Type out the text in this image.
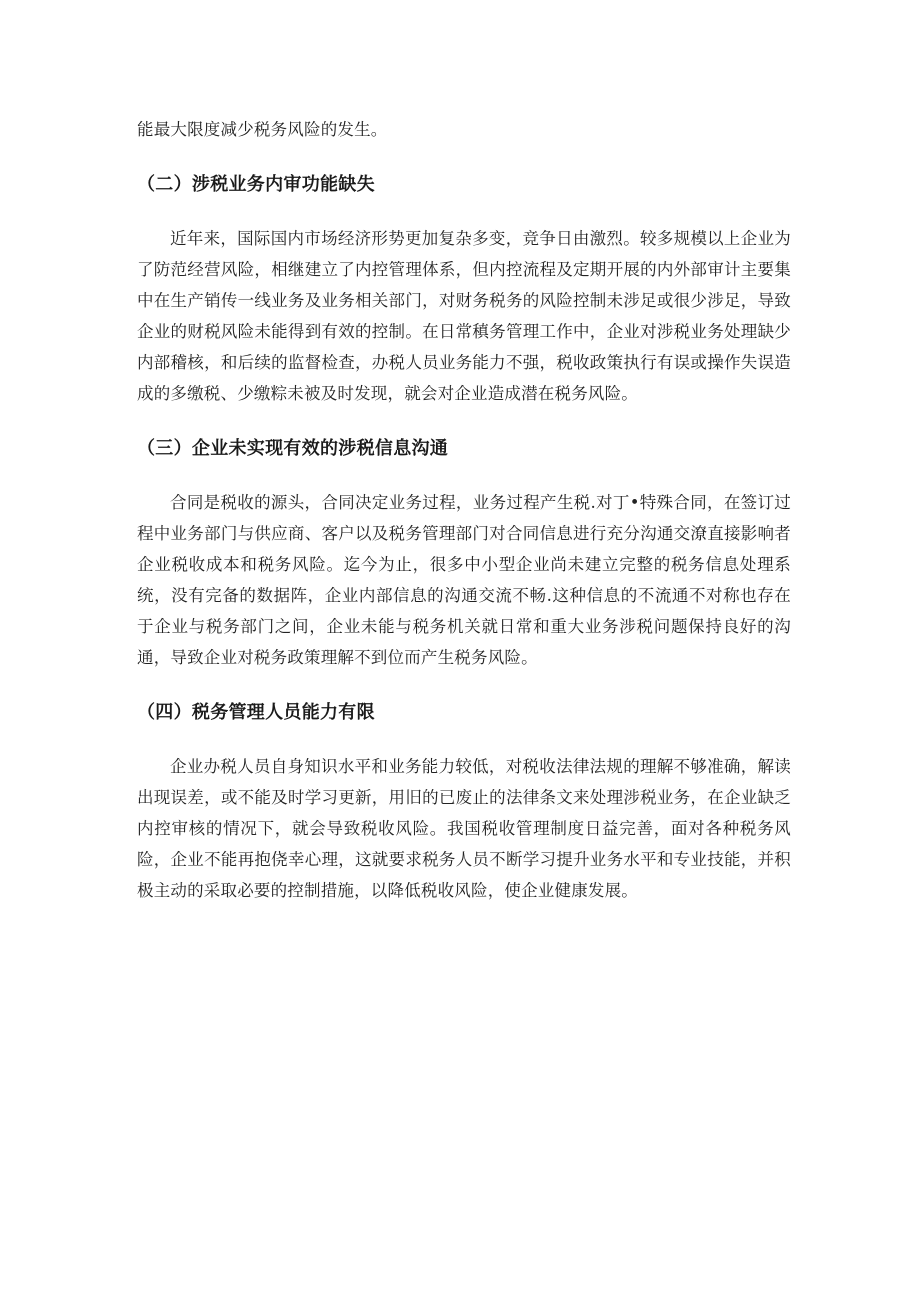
能最大限度减少税务风险的发生。

（二）涉税业务内审功能缺失

近年来，国际国内市场经济形势更加复杂多变，竞争日由激烈。较多规模以上企业为了防范经营风险，相继建立了内控管理体系，但内控流程及定期开展的内外部审计主要集中在生产销传一线业务及业务相关部门，对财务税务的风险控制未涉足或很少涉足，导致企业的财税风险未能得到有效的控制。在日常稹务管理工作中，企业对涉税业务处理缺少内部稽核，和后续的监督检查，办税人员业务能力不强，税收政策执行有误或操作失误造成的多缴税、少缴粽未被及时发现，就会对企业造成潜在税务风险。

（三）企业未实现有效的涉税信息沟通

合同是税收的源头，合同决定业务过程，业务过程产生税.对丁•特殊合同，在签订过程中业务部门与供应商、客户以及税务管理部门对合同信息进行充分沟通交潦直接影响者企业税收成本和税务风险。迄今为止，很多中小型企业尚未建立完整的税务信息处理系统，没有完备的数据阵，企业内部信息的沟通交流不畅.这种信息的不流通不对称也存在于企业与税务部门之间，企业未能与税务机关就日常和重大业务涉税问题保持良好的沟通，导致企业对税务政策理解不到位而产生税务风险。

（四）税务管理人员能力有限

企业办税人员自身知识水平和业务能力较低，对税收法律法规的理解不够准确，解读出现误差，或不能及时学习更新，用旧的已废止的法律条文来处理涉税业务，在企业缺乏内控审核的情况下，就会导致税收风险。我国税收管理制度日益完善，面对各种税务风险，企业不能再抱侥幸心理，这就要求税务人员不断学习提升业务水平和专业技能，并积极主动的采取必要的控制措施，以降低税收风险，使企业健康发展。
